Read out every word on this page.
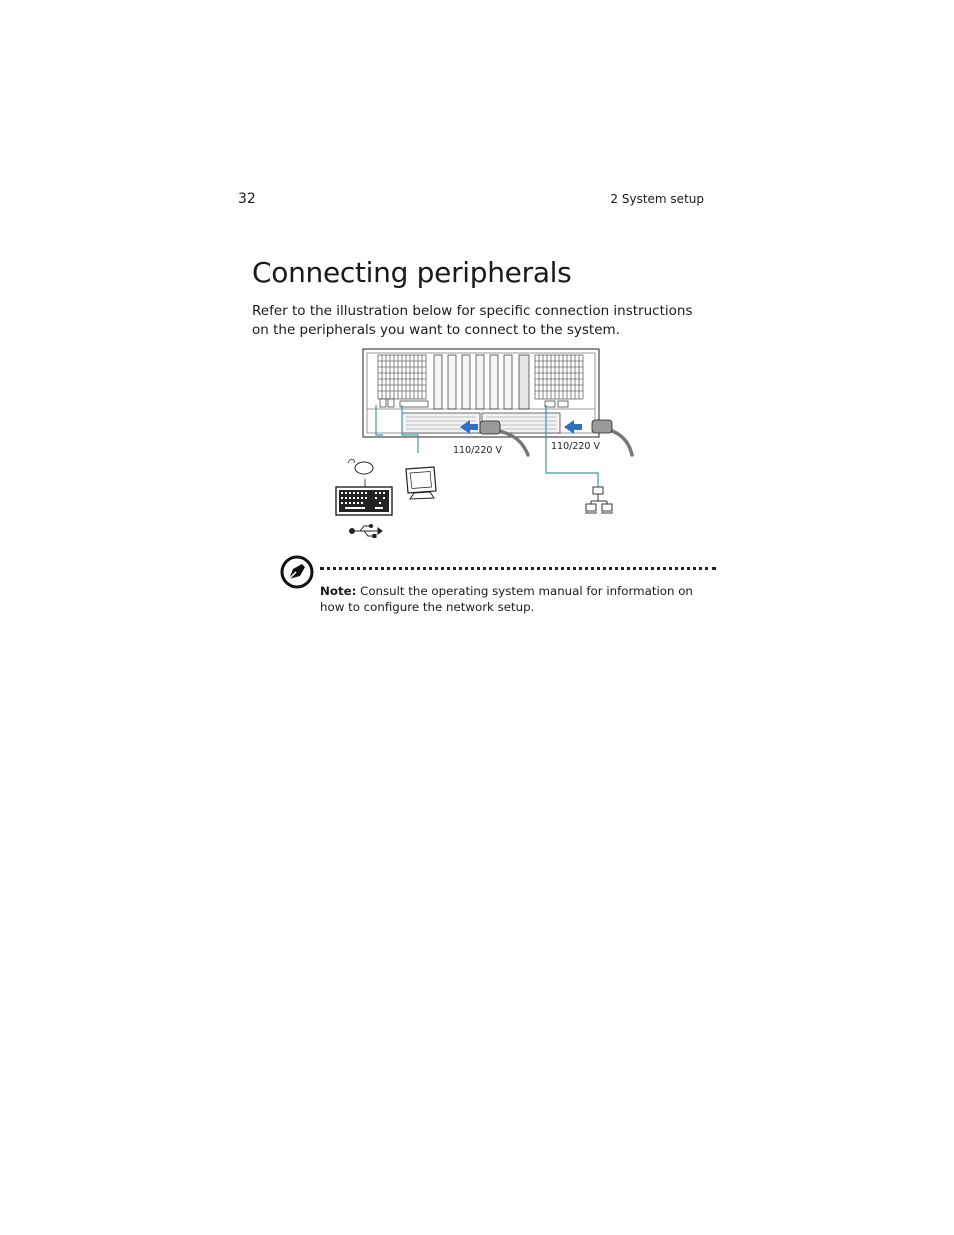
32	2 System setup
Connecting peripherals

Refer to the illustration below for specific connection instructions on the peripherals you want to connect to the system.

110/220 V	110/220 V

Note: Consult the operating system manual for information on how to configure the network setup.
